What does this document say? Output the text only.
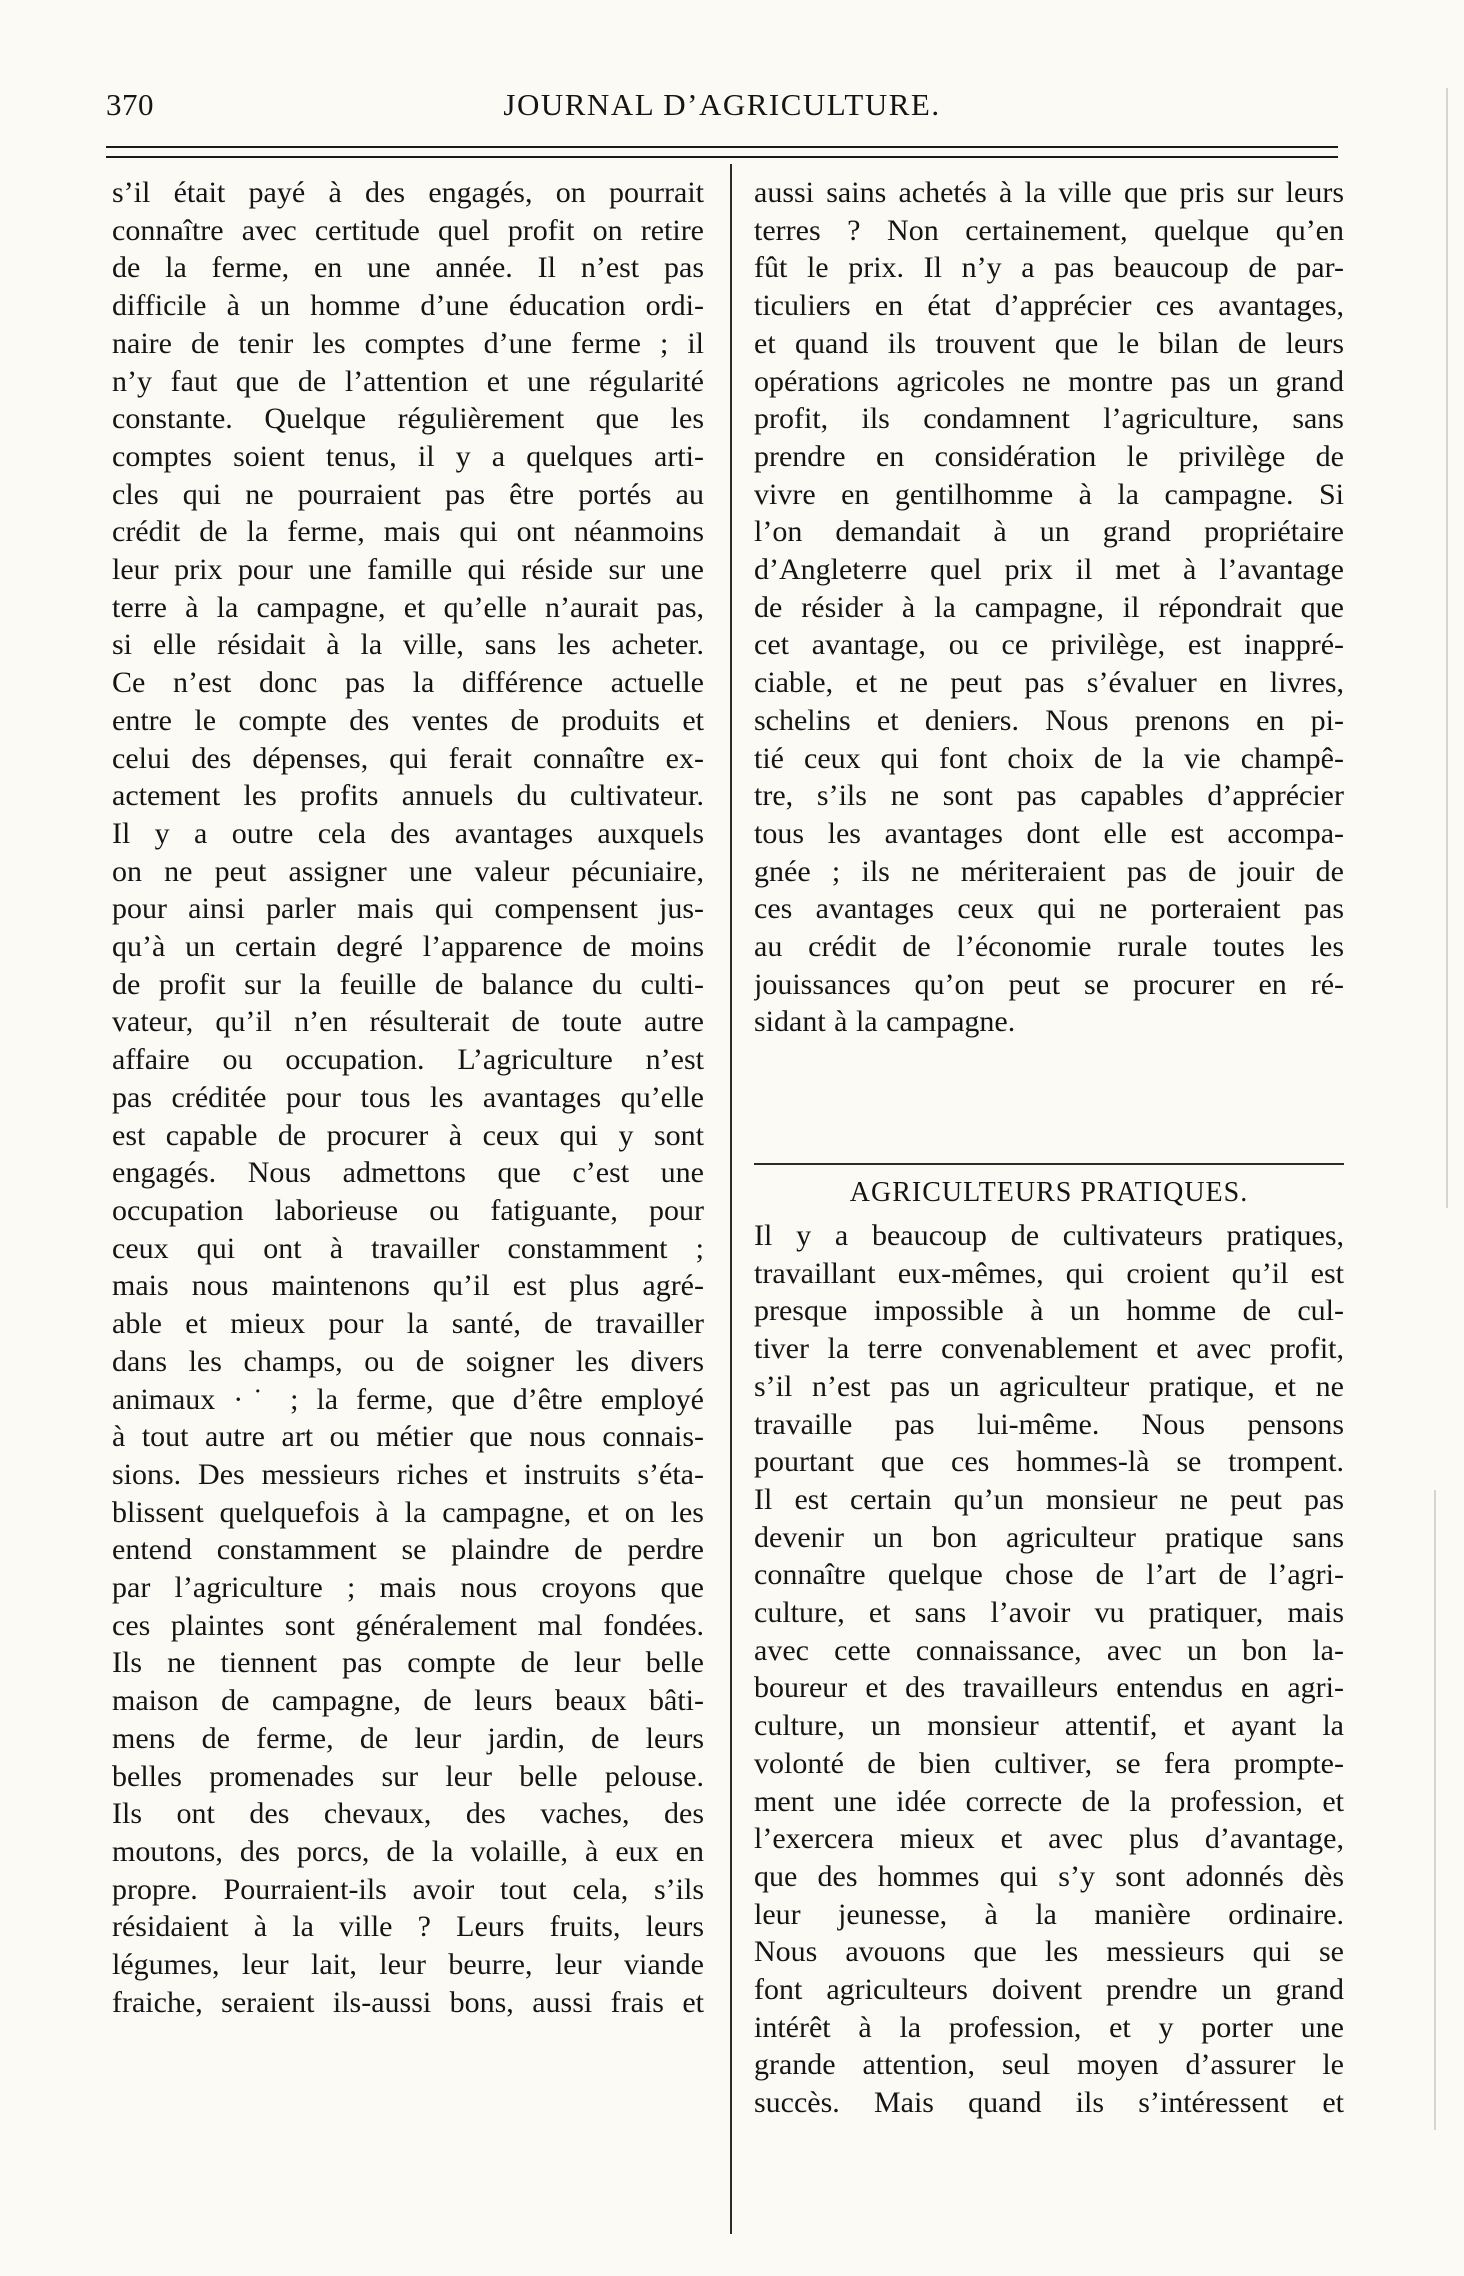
370	JOURNAL D’AGRICULTURE.
s’il était payé à des engagés, on pourrait
connaître avec certitude quel profit on retire
de la ferme, en une année. Il n’est pas
difficile à un homme d’une éducation ordi-
naire de tenir les comptes d’une ferme ; il
n’y faut que de l’attention et une régularité
constante. Quelque régulièrement que les
comptes soient tenus, il y a quelques arti-
cles qui ne pourraient pas être portés au
crédit de la ferme, mais qui ont néanmoins
leur prix pour une famille qui réside sur une
terre à la campagne, et qu’elle n’aurait pas,
si elle résidait à la ville, sans les acheter.
Ce n’est donc pas la différence actuelle
entre le compte des ventes de produits et
celui des dépenses, qui ferait connaître ex-
actement les profits annuels du cultivateur.
Il y a outre cela des avantages auxquels
on ne peut assigner une valeur pécuniaire,
pour ainsi parler mais qui compensent jus-
qu’à un certain degré l’apparence de moins
de profit sur la feuille de balance du culti-
vateur, qu’il n’en résulterait de toute autre
affaire ou occupation. L’agriculture n’est
pas créditée pour tous les avantages qu’elle
est capable de procurer à ceux qui y sont
engagés. Nous admettons que c’est une
occupation laborieuse ou fatiguante, pour
ceux qui ont à travailler constamment ;
mais nous maintenons qu’il est plus agré-
able et mieux pour la santé, de travailler
dans les champs, ou de soigner les divers
animaux ·˙ ; la ferme, que d’être employé
à tout autre art ou métier que nous connais-
sions. Des messieurs riches et instruits s’éta-
blissent quelquefois à la campagne, et on les
entend constamment se plaindre de perdre
par l’agriculture ; mais nous croyons que
ces plaintes sont généralement mal fondées.
Ils ne tiennent pas compte de leur belle
maison de campagne, de leurs beaux bâti-
mens de ferme, de leur jardin, de leurs
belles promenades sur leur belle pelouse.
Ils ont des chevaux, des vaches, des
moutons, des porcs, de la volaille, à eux en
propre. Pourraient-ils avoir tout cela, s’ils
résidaient à la ville ? Leurs fruits, leurs
légumes, leur lait, leur beurre, leur viande
fraiche, seraient ils-aussi bons, aussi frais et
aussi sains achetés à la ville que pris sur leurs
terres ? Non certainement, quelque qu’en
fût le prix. Il n’y a pas beaucoup de par-
ticuliers en état d’apprécier ces avantages,
et quand ils trouvent que le bilan de leurs
opérations agricoles ne montre pas un grand
profit, ils condamnent l’agriculture, sans
prendre en considération le privilège de
vivre en gentilhomme à la campagne. Si
l’on demandait à un grand propriétaire
d’Angleterre quel prix il met à l’avantage
de résider à la campagne, il répondrait que
cet avantage, ou ce privilège, est inappré-
ciable, et ne peut pas s’évaluer en livres,
schelins et deniers. Nous prenons en pi-
tié ceux qui font choix de la vie champê-
tre, s’ils ne sont pas capables d’apprécier
tous les avantages dont elle est accompa-
gnée ; ils ne mériteraient pas de jouir de
ces avantages ceux qui ne porteraient pas
au crédit de l’économie rurale toutes les
jouissances qu’on peut se procurer en ré-
sidant à la campagne.
AGRICULTEURS PRATIQUES.
Il y a beaucoup de cultivateurs pratiques,
travaillant eux-mêmes, qui croient qu’il est
presque impossible à un homme de cul-
tiver la terre convenablement et avec profit,
s’il n’est pas un agriculteur pratique, et ne
travaille pas lui-même. Nous pensons
pourtant que ces hommes-là se trompent.
Il est certain qu’un monsieur ne peut pas
devenir un bon agriculteur pratique sans
connaître quelque chose de l’art de l’agri-
culture, et sans l’avoir vu pratiquer, mais
avec cette connaissance, avec un bon la-
boureur et des travailleurs entendus en agri-
culture, un monsieur attentif, et ayant la
volonté de bien cultiver, se fera prompte-
ment une idée correcte de la profession, et
l’exercera mieux et avec plus d’avantage,
que des hommes qui s’y sont adonnés dès
leur jeunesse, à la manière ordinaire.
Nous avouons que les messieurs qui se
font agriculteurs doivent prendre un grand
intérêt à la profession, et y porter une
grande attention, seul moyen d’assurer le
succès. Mais quand ils s’intéressent et
